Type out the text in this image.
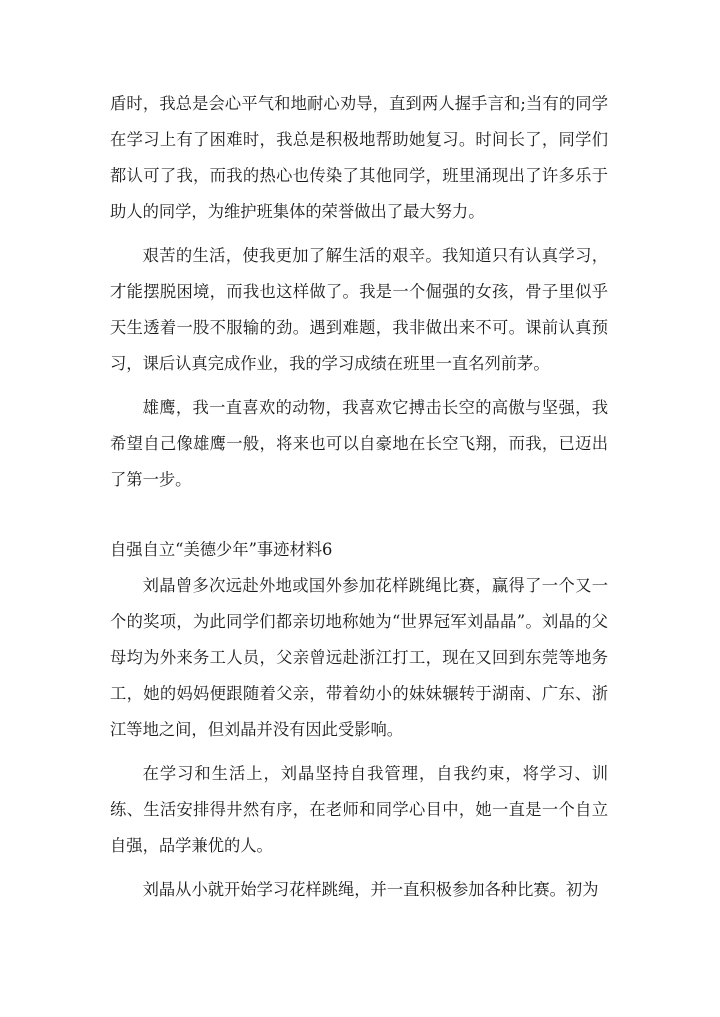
盾时，我总是会心平气和地耐心劝导，直到两人握手言和;当有的同学在学习上有了困难时，我总是积极地帮助她复习。时间长了，同学们都认可了我，而我的热心也传染了其他同学，班里涌现出了许多乐于助人的同学，为维护班集体的荣誉做出了最大努力。

艰苦的生活，使我更加了解生活的艰辛。我知道只有认真学习，才能摆脱困境，而我也这样做了。我是一个倔强的女孩，骨子里似乎天生透着一股不服输的劲。遇到难题，我非做出来不可。课前认真预习，课后认真完成作业，我的学习成绩在班里一直名列前茅。

雄鹰，我一直喜欢的动物，我喜欢它搏击长空的高傲与坚强，我希望自己像雄鹰一般，将来也可以自豪地在长空飞翔，而我，已迈出了第一步。

自强自立“美德少年”事迹材料6

刘晶曾多次远赴外地或国外参加花样跳绳比赛，赢得了一个又一个的奖项，为此同学们都亲切地称她为“世界冠军刘晶晶”。刘晶的父母均为外来务工人员，父亲曾远赴浙江打工，现在又回到东莞等地务工，她的妈妈便跟随着父亲，带着幼小的妹妹辗转于湖南、广东、浙江等地之间，但刘晶并没有因此受影响。

在学习和生活上，刘晶坚持自我管理，自我约束，将学习、训练、生活安排得井然有序，在老师和同学心目中，她一直是一个自立自强，品学兼优的人。

刘晶从小就开始学习花样跳绳，并一直积极参加各种比赛。初为
